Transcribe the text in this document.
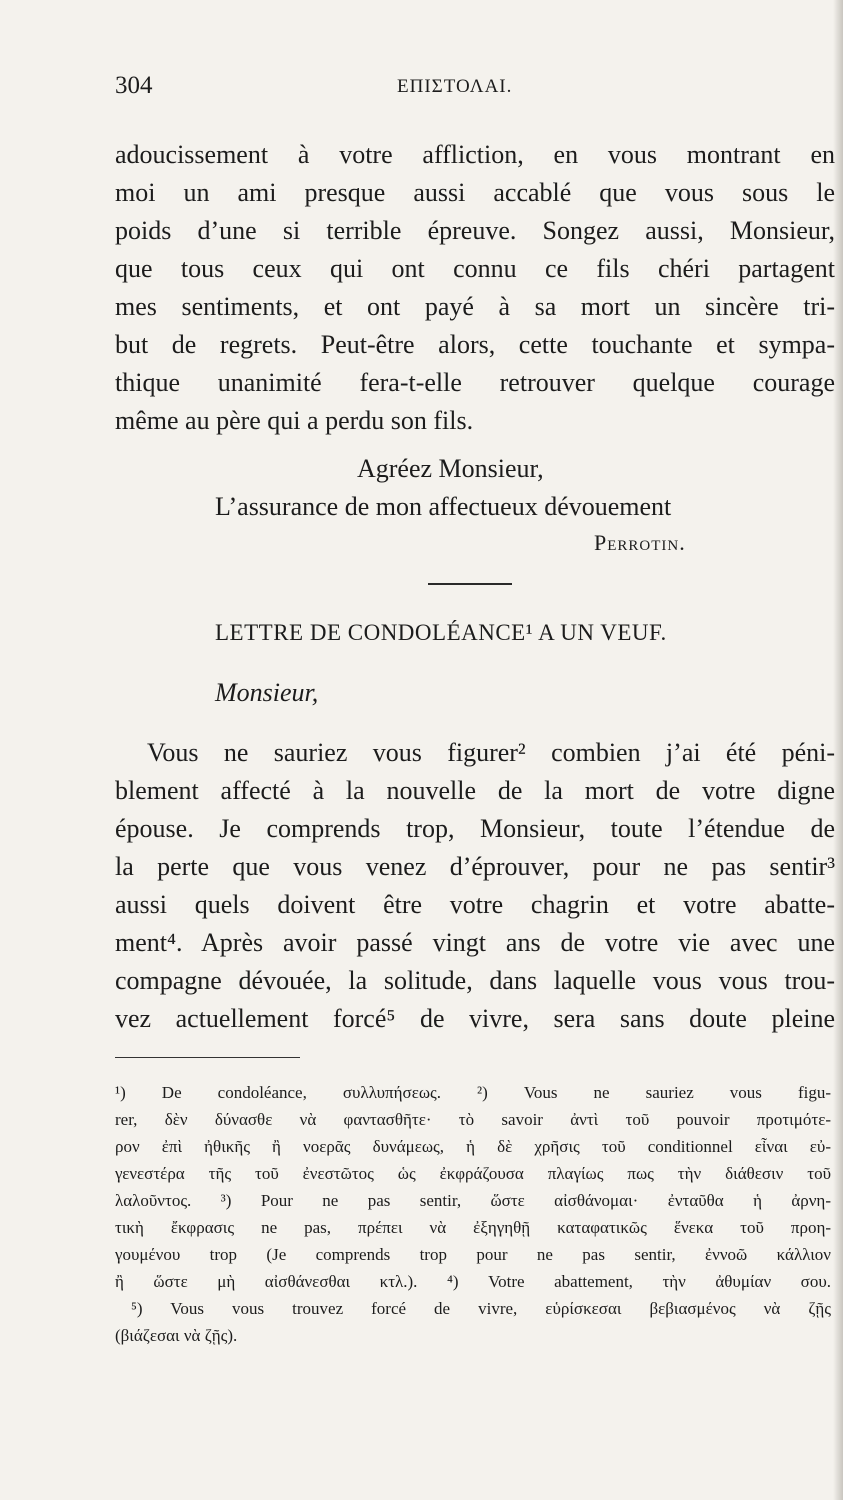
304	ΕΠΙΣΤΟΛΑΙ.
adoucissement à votre affliction, en vous montrant en
moi un ami presque aussi accablé que vous sous le
poids d’une si terrible épreuve. Songez aussi, Monsieur,
que tous ceux qui ont connu ce fils chéri partagent
mes sentiments, et ont payé à sa mort un sincère tri-
but de regrets. Peut-être alors, cette touchante et sympa-
thique unanimité fera-t-elle retrouver quelque courage
même au père qui a perdu son fils.
Agréez Monsieur,
L’assurance de mon affectueux dévouement
Perrotin.
LETTRE DE CONDOLÉANCE¹ A UN VEUF.
Monsieur,
Vous ne sauriez vous figurer² combien j’ai été péni-
blement affecté à la nouvelle de la mort de votre digne
épouse. Je comprends trop, Monsieur, toute l’étendue de
la perte que vous venez d’éprouver, pour ne pas sentir³
aussi quels doivent être votre chagrin et votre abatte-
ment⁴. Après avoir passé vingt ans de votre vie avec une
compagne dévouée, la solitude, dans laquelle vous vous trou-
vez actuellement forcé⁵ de vivre, sera sans doute pleine
¹) De condoléance, συλλυπήσεως. ²) Vous ne sauriez vous figu-
rer, δὲν δύνασθε νὰ φαντασθῆτε· τὸ savoir ἀντὶ τοῦ pouvoir προτιμότε-
ρον ἐπὶ ἠθικῆς ἢ νοερᾶς δυνάμεως, ἡ δὲ χρῆσις τοῦ conditionnel εἶναι εὐ-
γενεστέρα τῆς τοῦ ἐνεστῶτος ὡς ἐκφράζουσα πλαγίως πως τὴν διάθεσιν τοῦ
λαλοῦντος. ³) Pour ne pas sentir, ὥστε αἰσθάνομαι· ἐνταῦθα ἡ ἀρνη-
τικὴ ἔκφρασις ne pas, πρέπει νὰ ἐξηγηθῇ καταφατικῶς ἕνεκα τοῦ προη-
γουμένου trop (Je comprends trop pour ne pas sentir, ἐννοῶ κάλλιον
ἢ ὥστε μὴ αἰσθάνεσθαι κτλ.). ⁴) Votre abattement, τὴν ἀθυμίαν σου.
⁵) Vous vous trouvez forcé de vivre, εὑρίσκεσαι βεβιασμένος νὰ ζῇς
(βιάζεσαι νὰ ζῇς).
